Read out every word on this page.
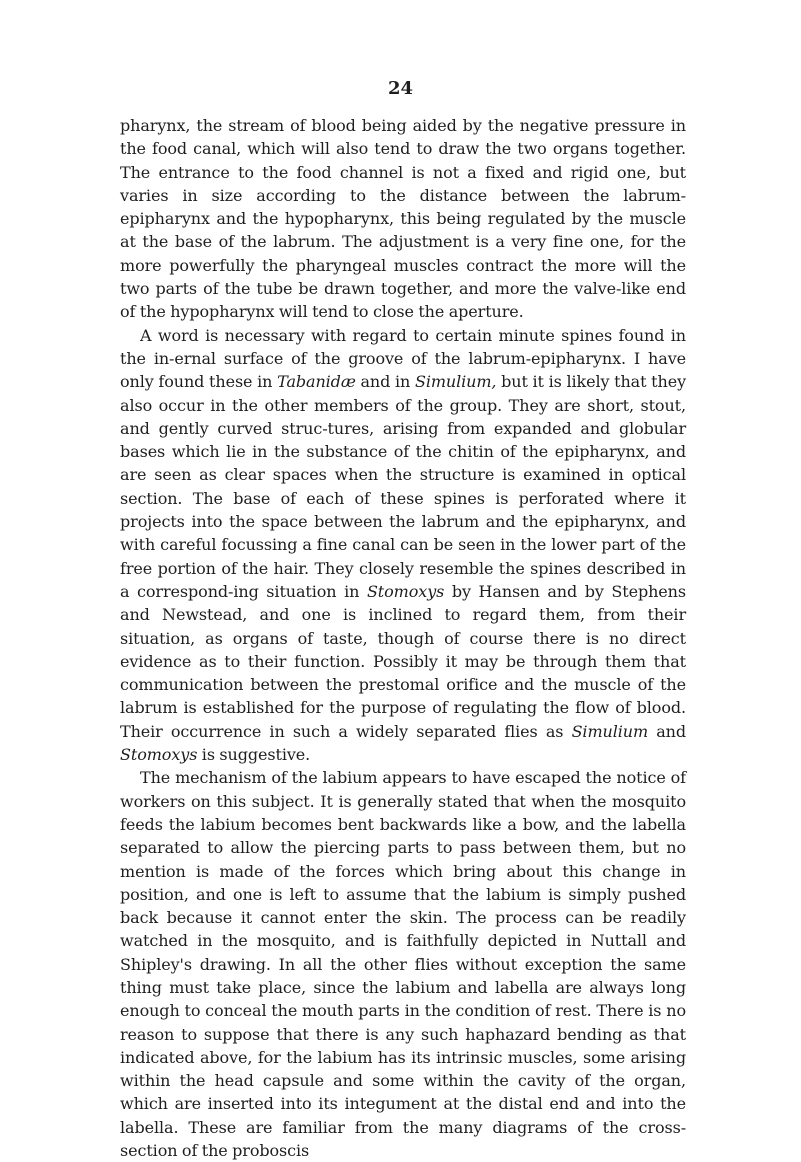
24

pharynx, the stream of blood being aided by the negative pressure in the food canal, which will also tend to draw the two organs together. The entrance to the food channel is not a fixed and rigid one, but varies in size according to the distance between the labrum-epipharynx and the hypopharynx, this being regulated by the muscle at the base of the labrum. The adjustment is a very fine one, for the more powerfully the pharyngeal muscles contract the more will the two parts of the tube be drawn together, and more the valve-like end of the hypopharynx will tend to close the aperture.

A word is necessary with regard to certain minute spines found in the in-ernal surface of the groove of the labrum-epipharynx. I have only found these in Tabanidæ and in Simulium, but it is likely that they also occur in the other members of the group. They are short, stout, and gently curved struc-tures, arising from expanded and globular bases which lie in the substance of the chitin of the epipharynx, and are seen as clear spaces when the structure is examined in optical section. The base of each of these spines is perforated where it projects into the space between the labrum and the epipharynx, and with careful focussing a fine canal can be seen in the lower part of the free portion of the hair. They closely resemble the spines described in a correspond-ing situation in Stomoxys by Hansen and by Stephens and Newstead, and one is inclined to regard them, from their situation, as organs of taste, though of course there is no direct evidence as to their function. Possibly it may be through them that communication between the prestomal orifice and the muscle of the labrum is established for the purpose of regulating the flow of blood. Their occurrence in such a widely separated flies as Simulium and Stomoxys is suggestive.

The mechanism of the labium appears to have escaped the notice of workers on this subject. It is generally stated that when the mosquito feeds the labium becomes bent backwards like a bow, and the labella separated to allow the piercing parts to pass between them, but no mention is made of the forces which bring about this change in position, and one is left to assume that the labium is simply pushed back because it cannot enter the skin. The process can be readily watched in the mosquito, and is faithfully depicted in Nuttall and Shipley's drawing. In all the other flies without exception the same thing must take place, since the labium and labella are always long enough to conceal the mouth parts in the condition of rest. There is no reason to suppose that there is any such haphazard bending as that indicated above, for the labium has its intrinsic muscles, some arising within the head capsule and some within the cavity of the organ, which are inserted into its integument at the distal end and into the labella. These are familiar from the many diagrams of the cross-section of the proboscis
